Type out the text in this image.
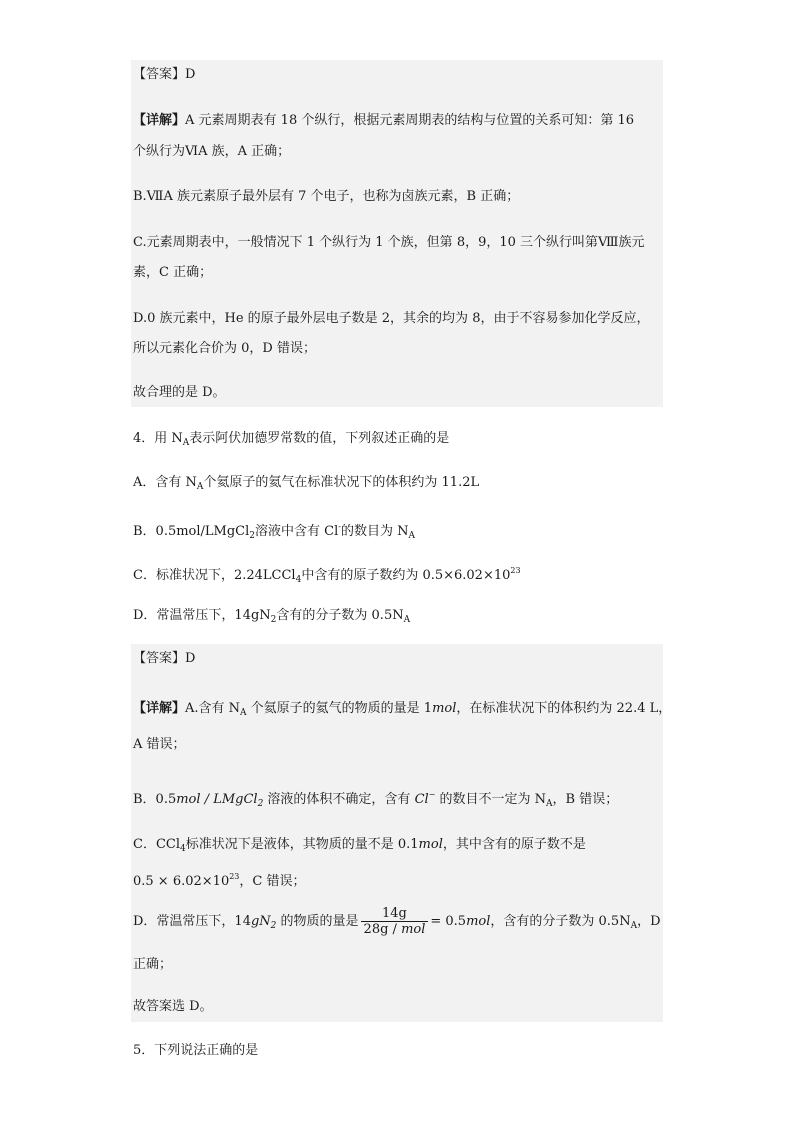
【答案】D
【详解】A 元素周期表有 18 个纵行，根据元素周期表的结构与位置的关系可知：第 16
个纵行为ⅥA 族，A 正确；
B.ⅦA 族元素原子最外层有 7 个电子，也称为卤族元素，B 正确；
C.元素周期表中，一般情况下 1 个纵行为 1 个族，但第 8，9，10 三个纵行叫第Ⅷ族元
素，C 正确；
D.0 族元素中，He 的原子最外层电子数是 2，其余的均为 8，由于不容易参加化学反应，
所以元素化合价为 0，D 错误；
故合理的是 D。
4．用 $N_A$表示阿伏加德罗常数的值，下列叙述正确的是
A．含有 $N_A$个氦原子的氦气在标准状况下的体积约为 11.2L
B．0.5mol/LMgCl$_2$溶液中含有 Cl-的数目为 $N_A$
C．标准状况下，2.24LCCl$_4$中含有的原子数约为 $0.5\times 6.02\times 10^{23}$
D．常温常压下，$14gN_2$含有的分子数为 $0.5N_A$
【答案】D
【详解】A.含有 $N_A$ 个氦原子的氦气的物质的量是 1mol，在标准状况下的体积约为 22.4 L，
A 错误；
B．0.5mol / LMgCl$_2$ 溶液的体积不确定，含有 Cl− 的数目不一定为 $N_A$，B 错误；
C．CCl$_4$标准状况下是液体，其物质的量不是 0.1mol，其中含有的原子数不是
$0.5 \times 6.02\times 10^{23}$，C 错误；
D．常温常压下，$14gN_2$ 的物质的量是 $\frac{14g}{\text{28g / mol}} = 0.5mol$，含有的分子数为 $0.5N_A$，D
正确；
故答案选 D。
5．下列说法正确的是
